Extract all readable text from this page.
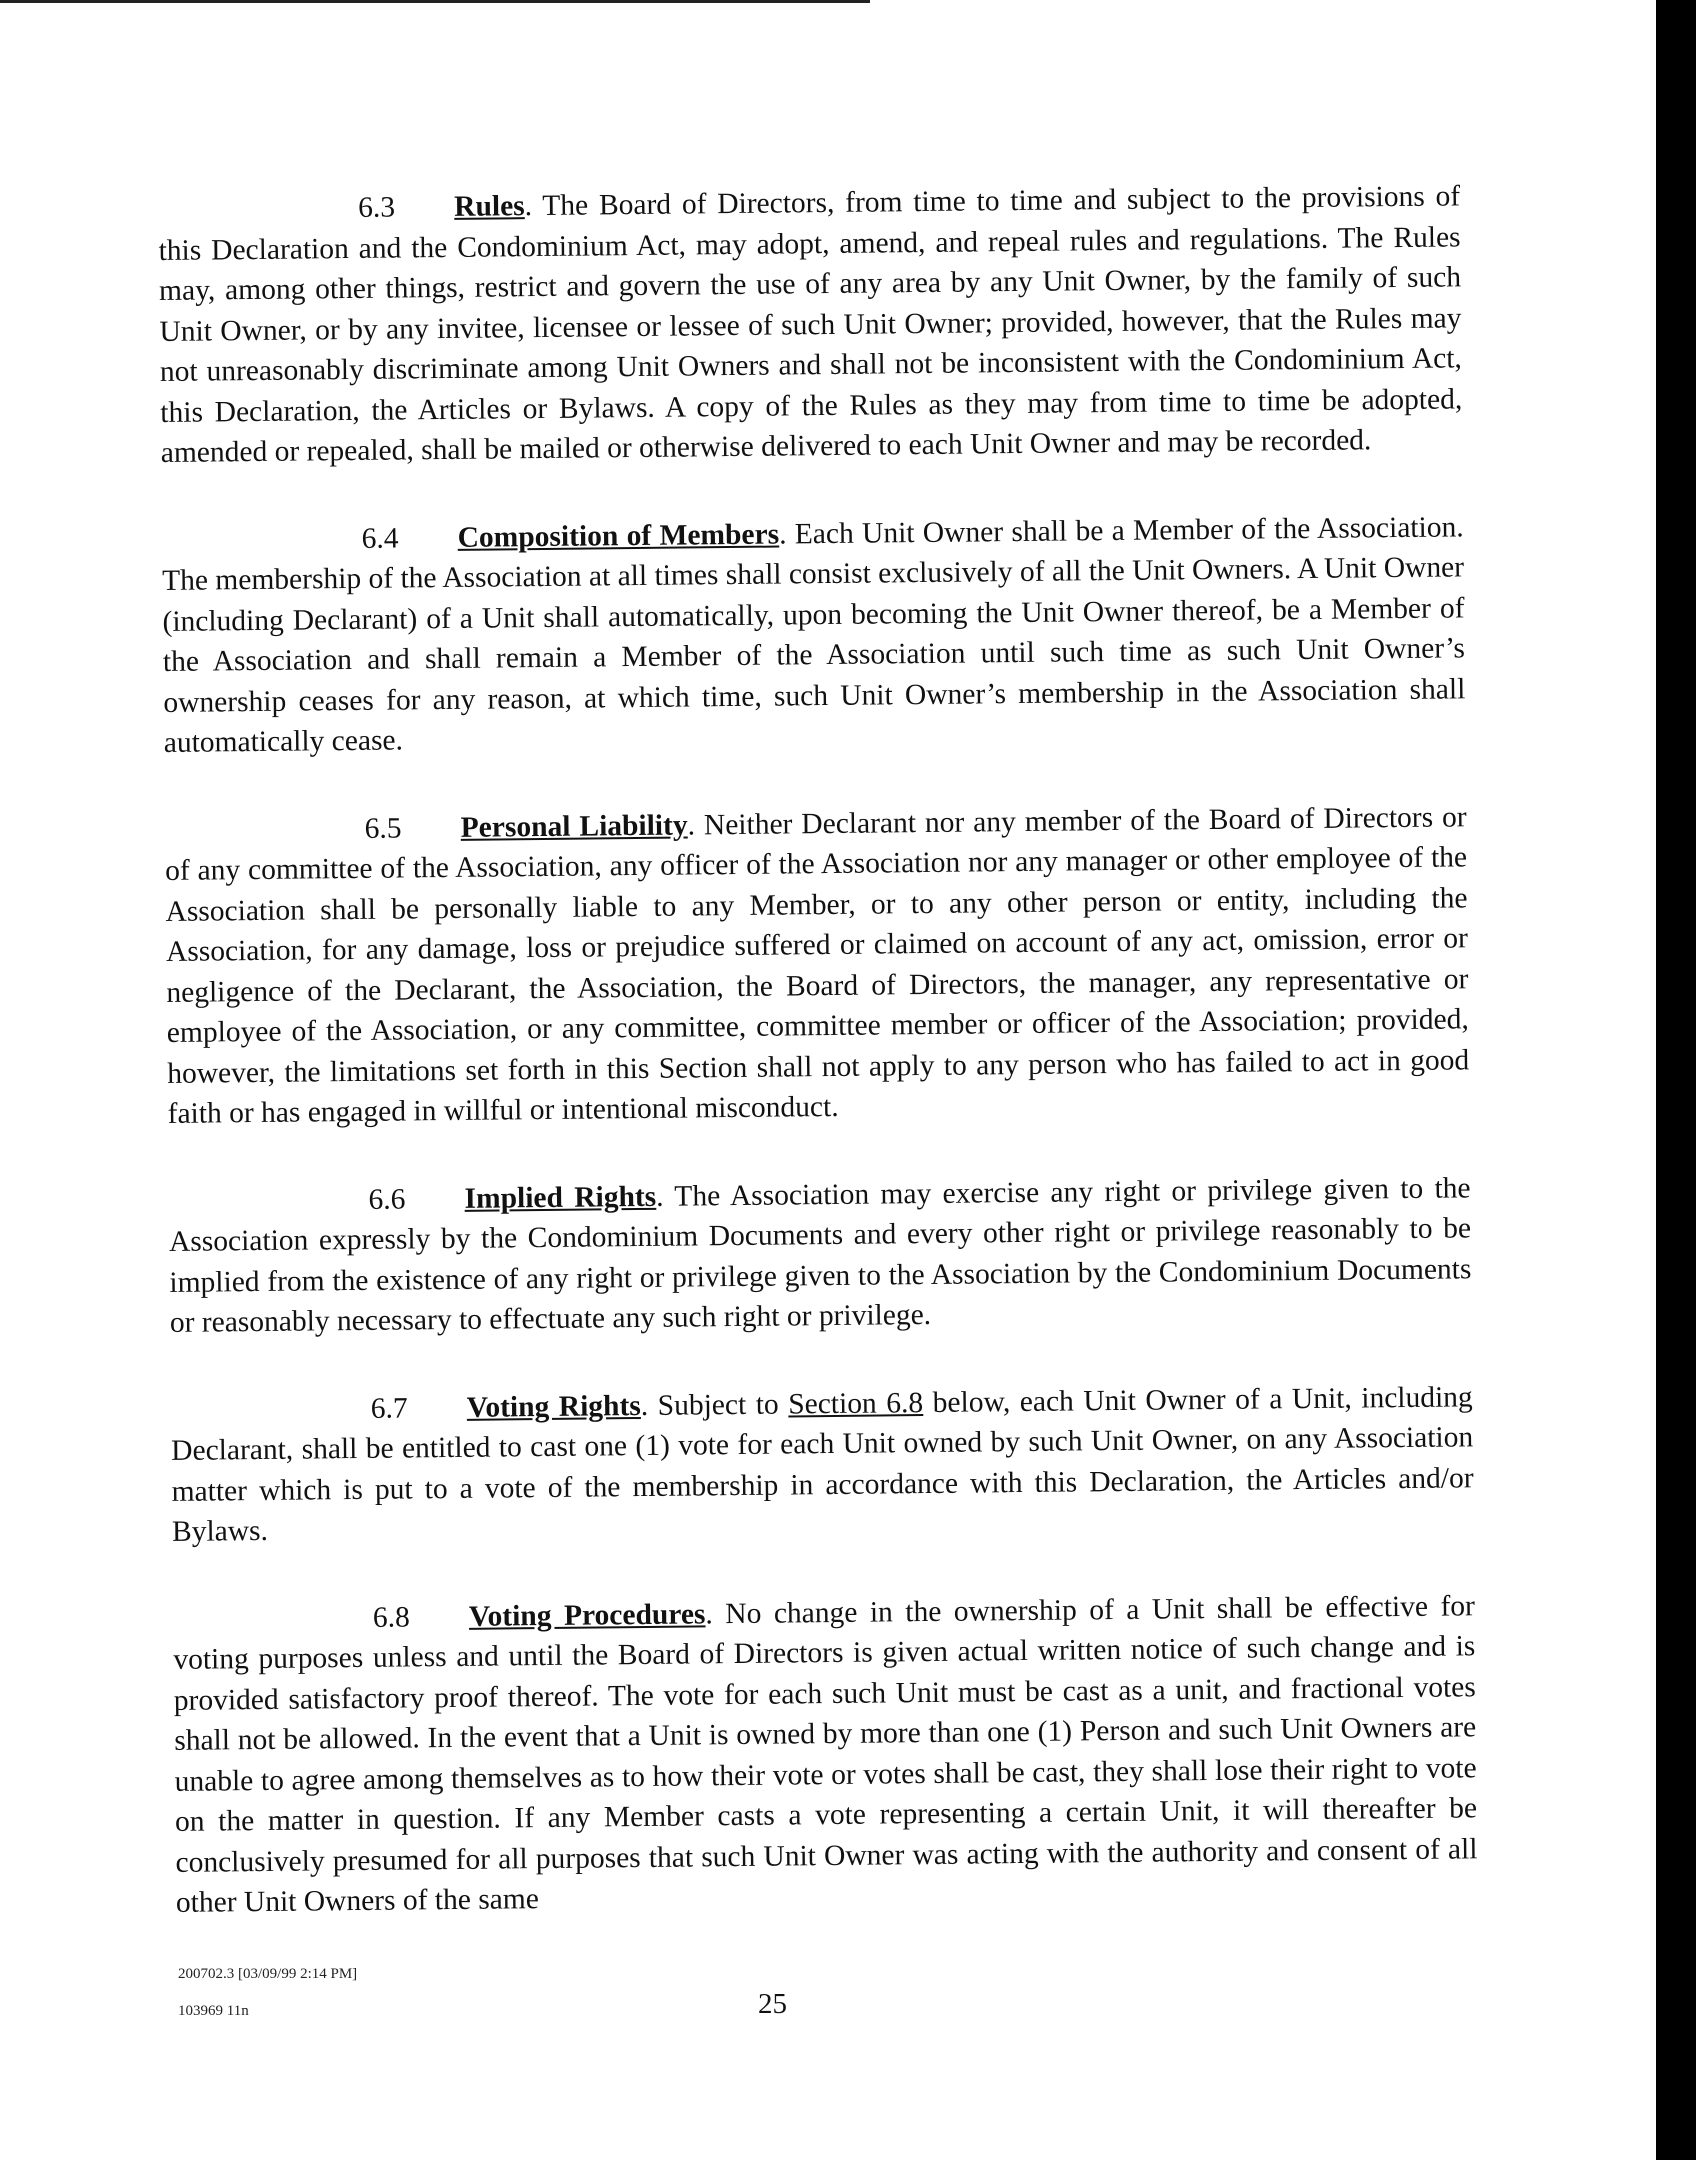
6.3 Rules. The Board of Directors, from time to time and subject to the provisions of this Declaration and the Condominium Act, may adopt, amend, and repeal rules and regulations. The Rules may, among other things, restrict and govern the use of any area by any Unit Owner, by the family of such Unit Owner, or by any invitee, licensee or lessee of such Unit Owner; provided, however, that the Rules may not unreasonably discriminate among Unit Owners and shall not be inconsistent with the Condominium Act, this Declaration, the Articles or Bylaws. A copy of the Rules as they may from time to time be adopted, amended or repealed, shall be mailed or otherwise delivered to each Unit Owner and may be recorded.

6.4 Composition of Members. Each Unit Owner shall be a Member of the Association. The membership of the Association at all times shall consist exclusively of all the Unit Owners. A Unit Owner (including Declarant) of a Unit shall automatically, upon becoming the Unit Owner thereof, be a Member of the Association and shall remain a Member of the Association until such time as such Unit Owner’s ownership ceases for any reason, at which time, such Unit Owner’s membership in the Association shall automatically cease.

6.5 Personal Liability. Neither Declarant nor any member of the Board of Directors or of any committee of the Association, any officer of the Association nor any manager or other employee of the Association shall be personally liable to any Member, or to any other person or entity, including the Association, for any damage, loss or prejudice suffered or claimed on account of any act, omission, error or negligence of the Declarant, the Association, the Board of Directors, the manager, any representative or employee of the Association, or any committee, committee member or officer of the Association; provided, however, the limitations set forth in this Section shall not apply to any person who has failed to act in good faith or has engaged in willful or intentional misconduct.

6.6 Implied Rights. The Association may exercise any right or privilege given to the Association expressly by the Condominium Documents and every other right or privilege reasonably to be implied from the existence of any right or privilege given to the Association by the Condominium Documents or reasonably necessary to effectuate any such right or privilege.

6.7 Voting Rights. Subject to Section 6.8 below, each Unit Owner of a Unit, including Declarant, shall be entitled to cast one (1) vote for each Unit owned by such Unit Owner, on any Association matter which is put to a vote of the membership in accordance with this Declaration, the Articles and/or Bylaws.

6.8 Voting Procedures. No change in the ownership of a Unit shall be effective for voting purposes unless and until the Board of Directors is given actual written notice of such change and is provided satisfactory proof thereof. The vote for each such Unit must be cast as a unit, and fractional votes shall not be allowed. In the event that a Unit is owned by more than one (1) Person and such Unit Owners are unable to agree among themselves as to how their vote or votes shall be cast, they shall lose their right to vote on the matter in question. If any Member casts a vote representing a certain Unit, it will thereafter be conclusively presumed for all purposes that such Unit Owner was acting with the authority and consent of all other Unit Owners of the same

200702.3 [03/09/99 2:14 PM]
103969 11n	25
